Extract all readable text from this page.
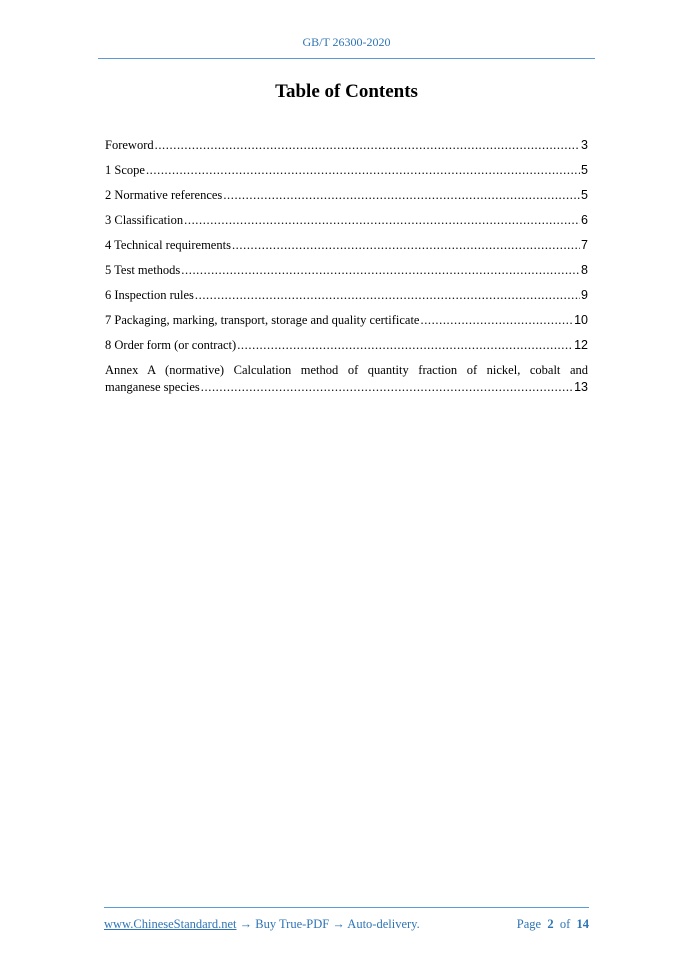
GB/T 26300-2020
Table of Contents
Foreword .....	3
1 Scope .....	5
2 Normative references .....	5
3 Classification .....	6
4 Technical requirements .....	7
5 Test methods .....	8
6 Inspection rules .....	9
7 Packaging, marking, transport, storage and quality certificate .....	10
8 Order form (or contract) .....	12
Annex A (normative) Calculation method of quantity fraction of nickel, cobalt and
manganese species .....	13
www.ChineseStandard.net → Buy True-PDF → Auto-delivery.	Page 2 of 14
